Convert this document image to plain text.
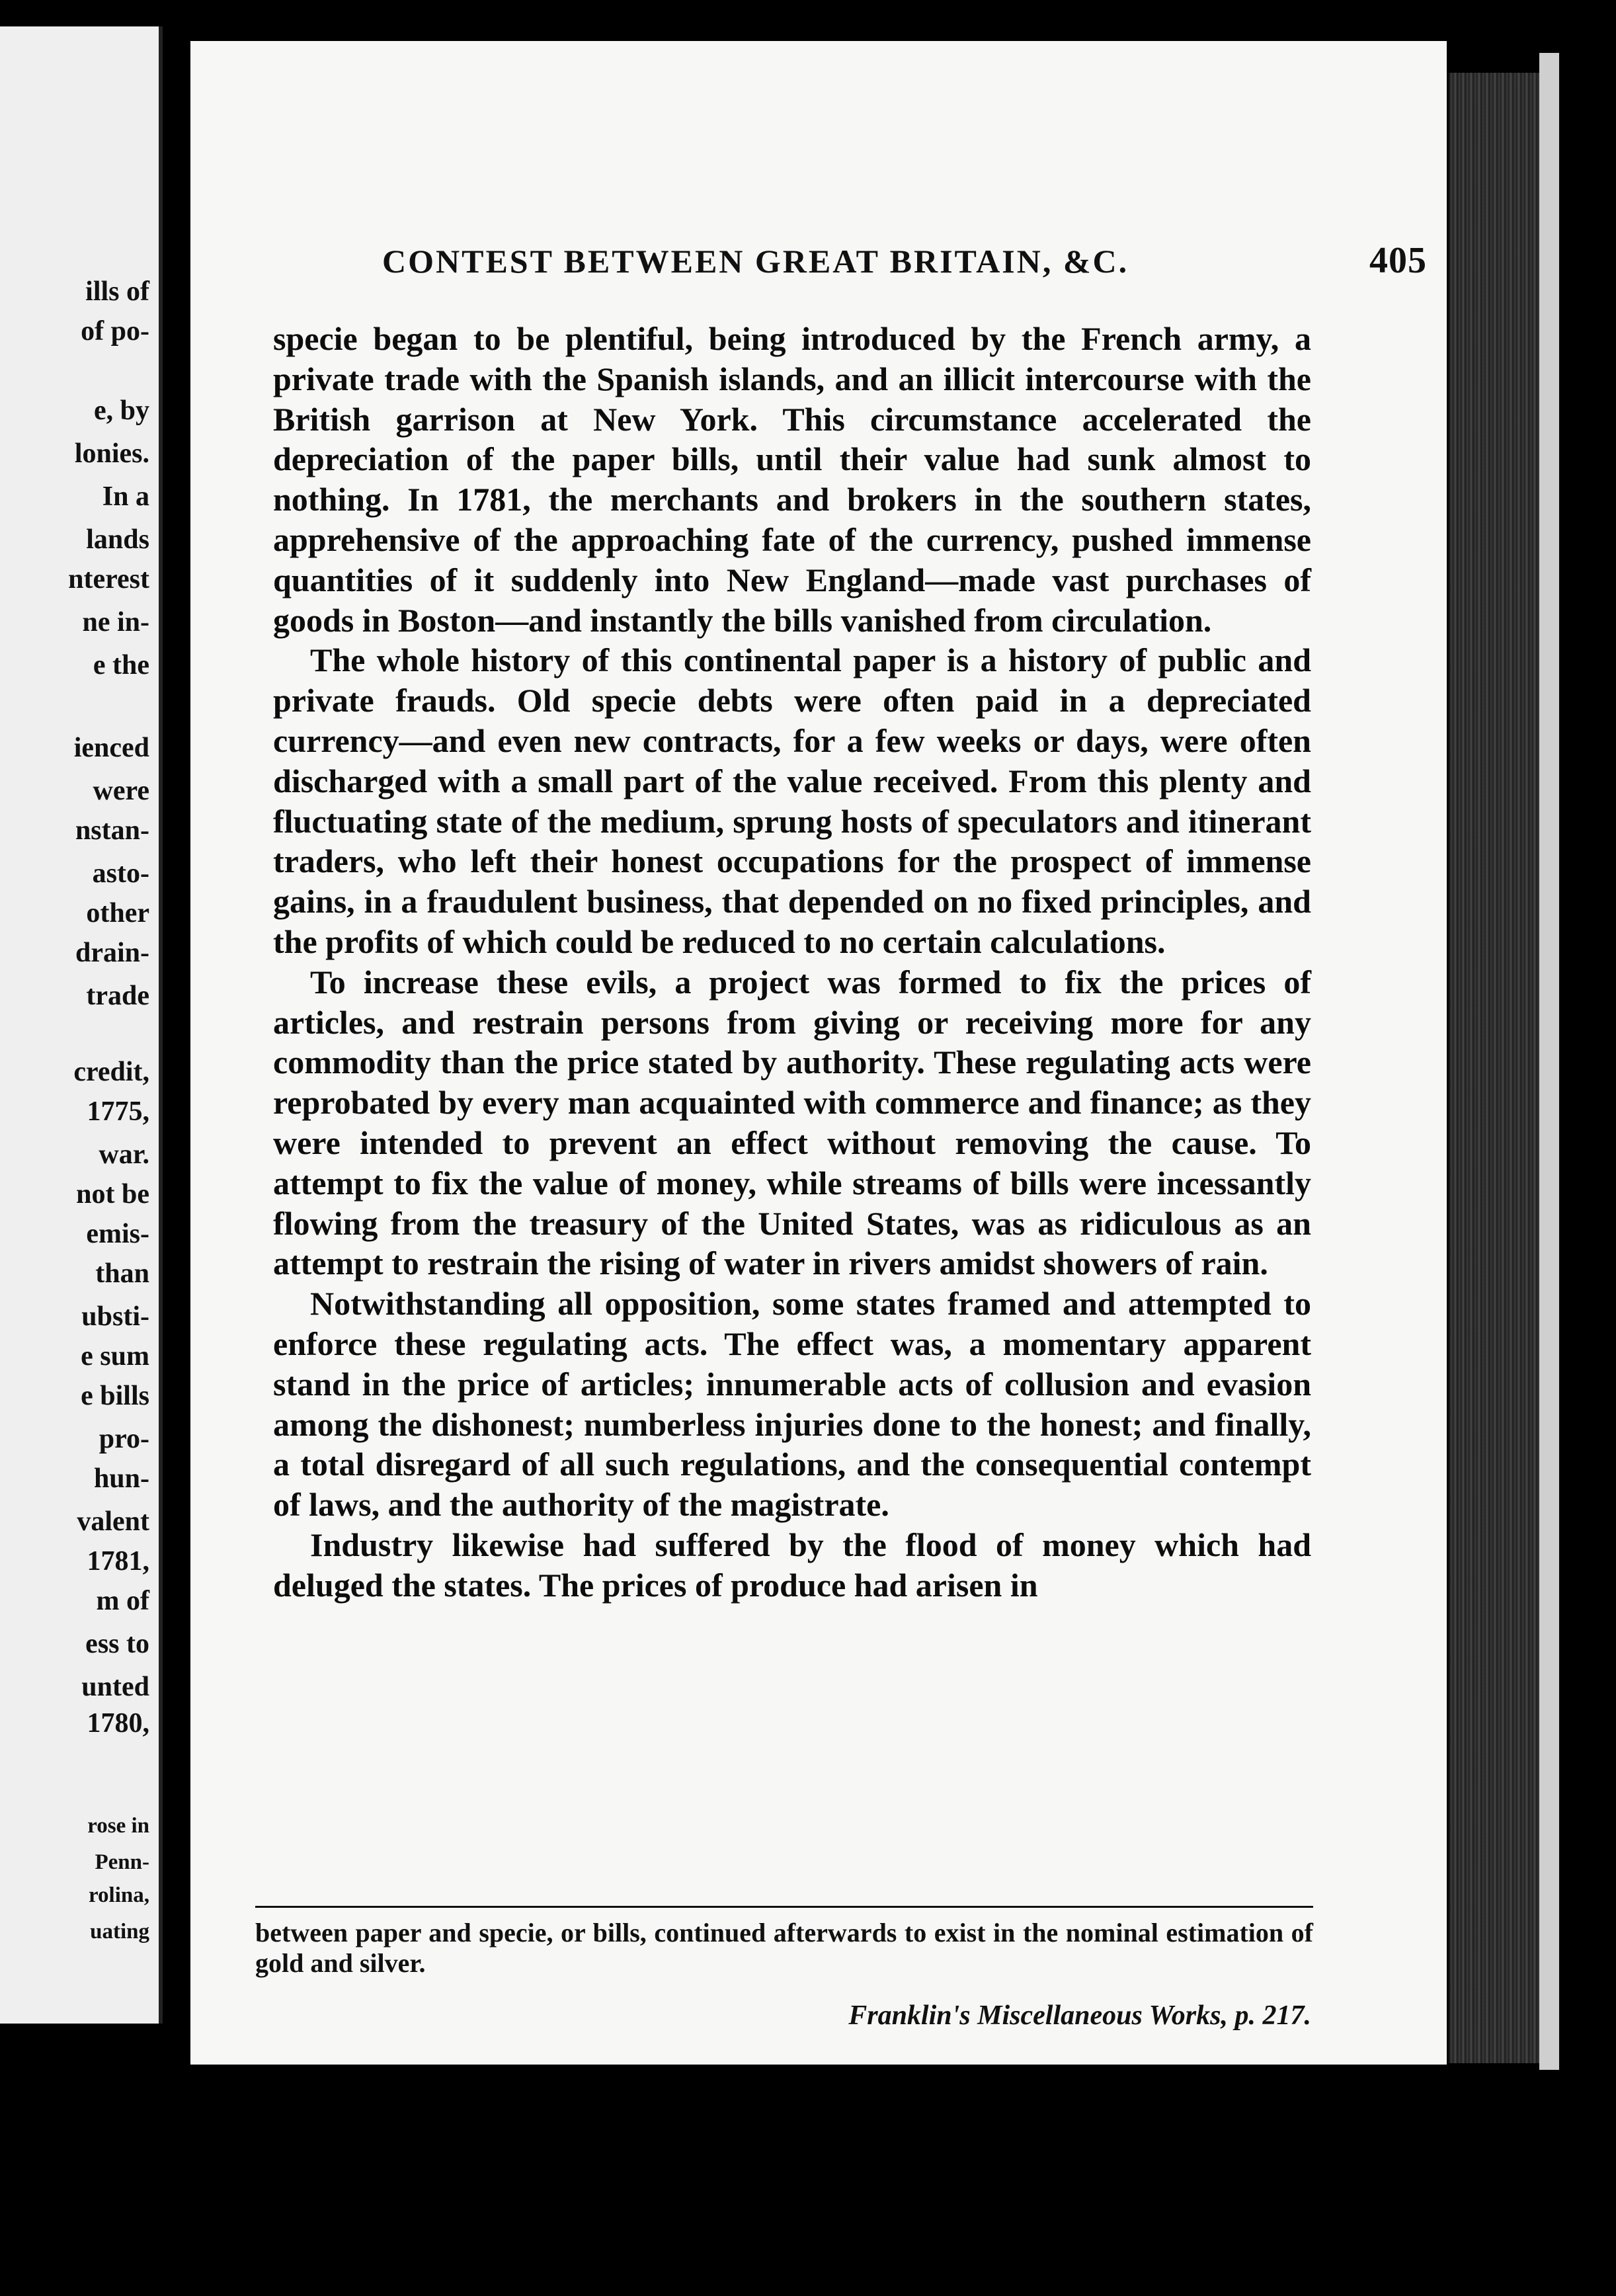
ills of
of po-
e, by
lonies.
In a
lands
nterest
ne in-
e the
ienced
were
nstan-
asto-
other
drain-
trade
credit,
1775,
war.
not be
emis-
than
ubsti-
e sum
e bills
pro-
hun-
valent
1781,
m of
ess to
unted
1780,
rose in
Penn-
rolina,
uating
CONTEST BETWEEN GREAT BRITAIN, &C.	405

specie began to be plentiful, being introduced by the French army, a private trade with the Spanish islands, and an illicit intercourse with the British garrison at New York. This circumstance accelerated the depreciation of the paper bills, until their value had sunk almost to nothing. In 1781, the merchants and brokers in the southern states, apprehensive of the approaching fate of the currency, pushed immense quantities of it suddenly into New England—made vast purchases of goods in Boston—and instantly the bills vanished from circulation.

The whole history of this continental paper is a history of public and private frauds. Old specie debts were often paid in a depreciated currency—and even new contracts, for a few weeks or days, were often discharged with a small part of the value received. From this plenty and fluctuating state of the medium, sprung hosts of speculators and itinerant traders, who left their honest occupations for the prospect of immense gains, in a fraudulent business, that depended on no fixed principles, and the profits of which could be reduced to no certain calculations.

To increase these evils, a project was formed to fix the prices of articles, and restrain persons from giving or receiving more for any commodity than the price stated by authority. These regulating acts were reprobated by every man acquainted with commerce and finance; as they were intended to prevent an effect without removing the cause. To attempt to fix the value of money, while streams of bills were incessantly flowing from the treasury of the United States, was as ridiculous as an attempt to restrain the rising of water in rivers amidst showers of rain.

Notwithstanding all opposition, some states framed and attempted to enforce these regulating acts. The effect was, a momentary apparent stand in the price of articles; innumerable acts of collusion and evasion among the dishonest; numberless injuries done to the honest; and finally, a total disregard of all such regulations, and the consequential contempt of laws, and the authority of the magistrate.

Industry likewise had suffered by the flood of money which had deluged the states. The prices of produce had arisen in

between paper and specie, or bills, continued afterwards to exist in the nominal estimation of gold and silver.
Franklin's Miscellaneous Works, p. 217.
